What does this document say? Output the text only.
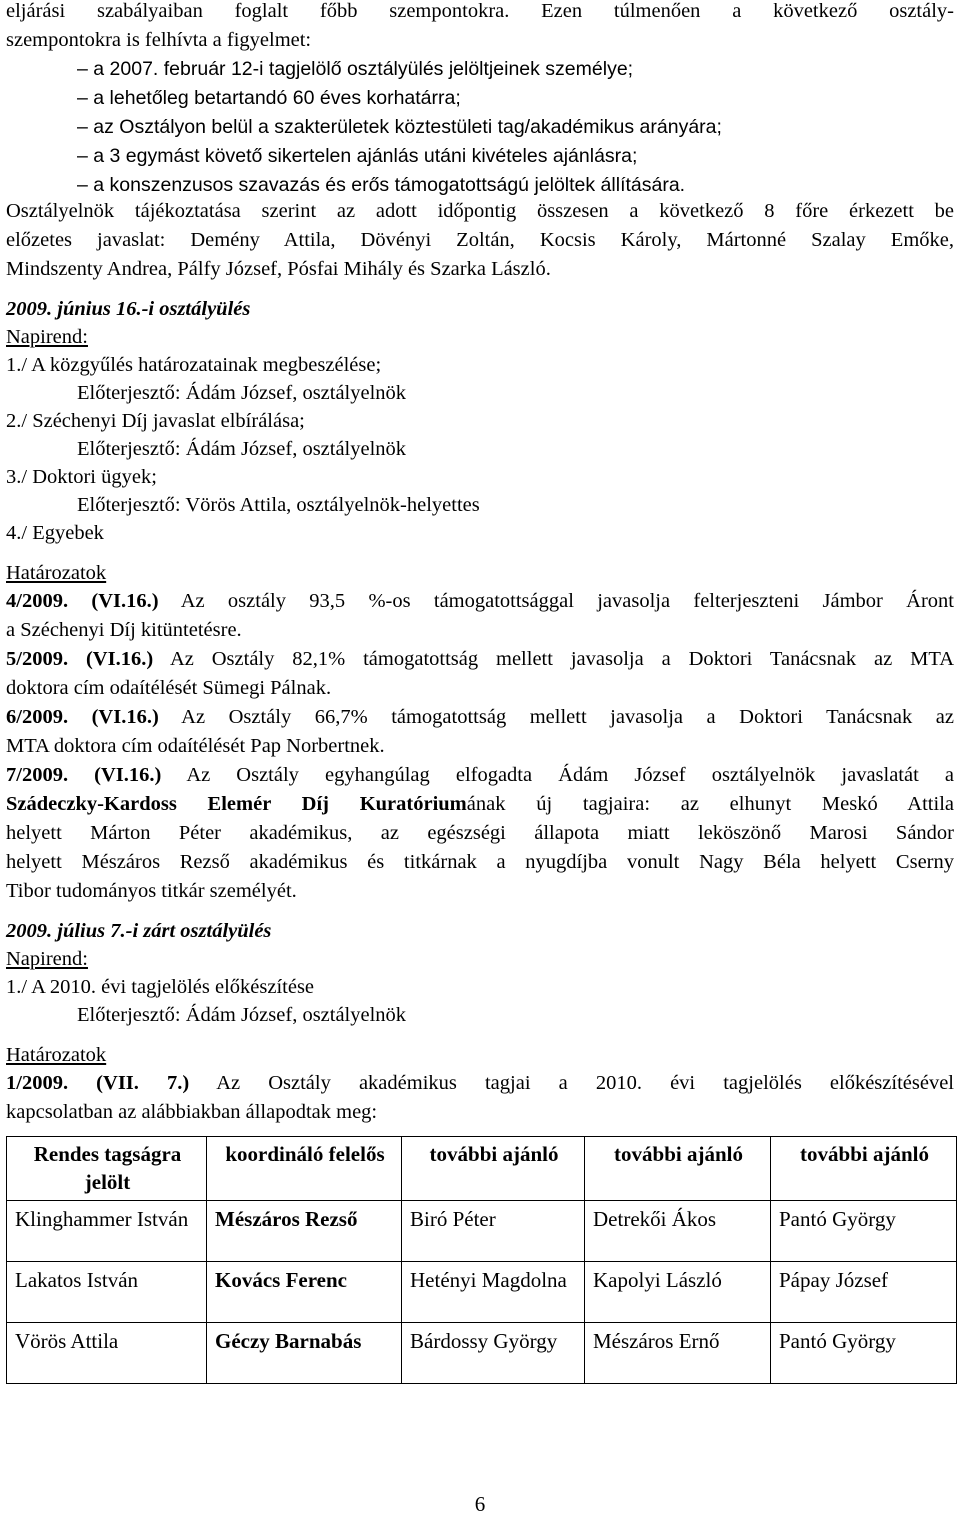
eljárási szabályaiban foglalt főbb szempontokra. Ezen túlmenően a következő osztály-
szempontokra is felhívta a figyelmet:
– a 2007. február 12-i tagjelölő osztályülés jelöltjeinek személye;
– a lehetőleg betartandó 60 éves korhatárra;
– az Osztályon belül a szakterületek köztestületi tag/akadémikus arányára;
– a 3 egymást követő sikertelen ajánlás utáni kivételes ajánlásra;
– a konszenzusos szavazás és erős támogatottságú jelöltek állítására.
Osztályelnök tájékoztatása szerint az adott időpontig összesen a következő 8 főre érkezett be
előzetes javaslat: Demény Attila, Dövényi Zoltán, Kocsis Károly, Mártonné Szalay Emőke,
Mindszenty Andrea, Pálfy József, Pósfai Mihály és Szarka László.
2009. június 16.-i osztályülés
Napirend:
1./ A közgyűlés határozatainak megbeszélése;
Előterjesztő: Ádám József, osztályelnök
2./ Széchenyi Díj javaslat elbírálása;
Előterjesztő: Ádám József, osztályelnök
3./ Doktori ügyek;
Előterjesztő: Vörös Attila, osztályelnök-helyettes
4./ Egyebek
Határozatok
4/2009. (VI.16.) Az osztály 93,5 %-os támogatottsággal javasolja felterjeszteni Jámbor Áront
a Széchenyi Díj kitüntetésre.
5/2009. (VI.16.) Az Osztály 82,1% támogatottság mellett javasolja a Doktori Tanácsnak az MTA
doktora cím odaítélését Sümegi Pálnak.
6/2009. (VI.16.) Az Osztály 66,7% támogatottság mellett javasolja a Doktori Tanácsnak az
MTA doktora cím odaítélését Pap Norbertnek.
7/2009. (VI.16.) Az Osztály egyhangúlag elfogadta Ádám József osztályelnök javaslatát a
Szádeczky-Kardoss Elemér Díj Kuratóriumának új tagjaira: az elhunyt Meskó Attila
helyett Márton Péter akadémikus, az egészségi állapota miatt leköszönő Marosi Sándor
helyett Mészáros Rezső akadémikus és titkárnak a nyugdíjba vonult Nagy Béla helyett Cserny
Tibor tudományos titkár személyét.
2009. július 7.-i zárt osztályülés
Napirend:
1./ A 2010. évi tagjelölés előkészítése
Előterjesztő: Ádám József, osztályelnök
Határozatok
1/2009. (VII. 7.) Az Osztály akadémikus tagjai a 2010. évi tagjelölés előkészítésével
kapcsolatban az alábbiakban állapodtak meg:
Rendes tagságra jelölt	koordináló felelős	további ajánló	további ajánló	további ajánló
Klinghammer István	Mészáros Rezső	Biró Péter	Detrekői Ákos	Pantó György
Lakatos István	Kovács Ferenc	Hetényi Magdolna	Kapolyi László	Pápay József
Vörös Attila	Géczy Barnabás	Bárdossy György	Mészáros Ernő	Pantó György
6
